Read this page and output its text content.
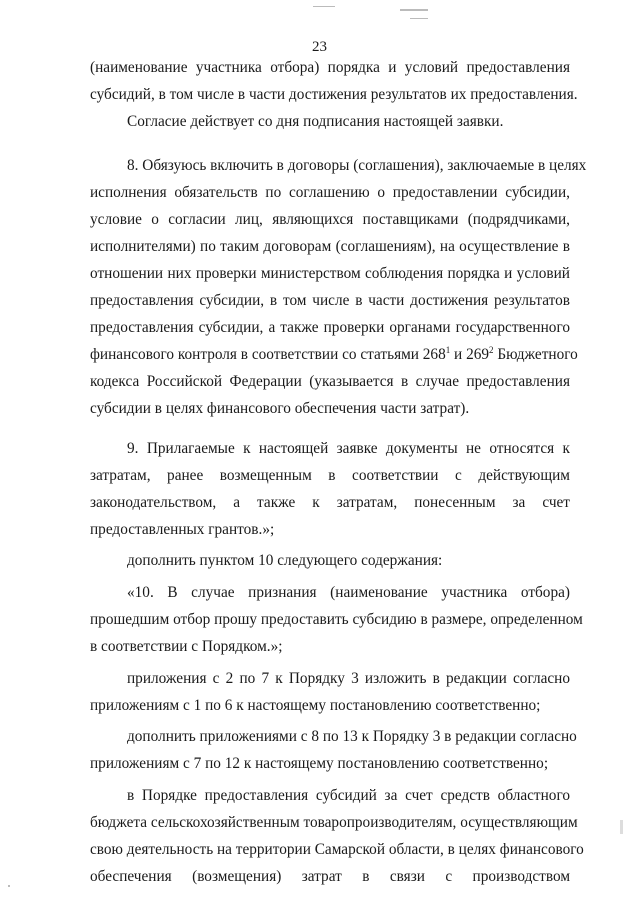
23
(наименование участника отбора) порядка и условий предоставления
субсидий, в том числе в части достижения результатов их предоставления.
Согласие действует со дня подписания настоящей заявки.
8. Обязуюсь включить в договоры (соглашения), заключаемые в целях
исполнения обязательств по соглашению о предоставлении субсидии,
условие о согласии лиц, являющихся поставщиками (подрядчиками,
исполнителями) по таким договорам (соглашениям), на осуществление в
отношении них проверки министерством соблюдения порядка и условий
предоставления субсидии, в том числе в части достижения результатов
предоставления субсидии, а также проверки органами государственного
финансового контроля в соответствии со статьями $268^1$ и $269^2$ Бюджетного
кодекса Российской Федерации (указывается в случае предоставления
субсидии в целях финансового обеспечения части затрат).
9. Прилагаемые к настоящей заявке документы не относятся к
затратам, ранее возмещенным в соответствии с действующим
законодательством, а также к затратам, понесенным за счет
предоставленных грантов.»;
дополнить пунктом 10 следующего содержания:
«10. В случае признания (наименование участника отбора)
прошедшим отбор прошу предоставить субсидию в размере, определенном
в соответствии с Порядком.»;
приложения с 2 по 7 к Порядку 3 изложить в редакции согласно
приложениям с 1 по 6 к настоящему постановлению соответственно;
дополнить приложениями с 8 по 13 к Порядку 3 в редакции согласно
приложениям с 7 по 12 к настоящему постановлению соответственно;
в Порядке предоставления субсидий за счет средств областного
бюджета сельскохозяйственным товаропроизводителям, осуществляющим
свою деятельность на территории Самарской области, в целях финансового
обеспечения (возмещения) затрат в связи с производством
